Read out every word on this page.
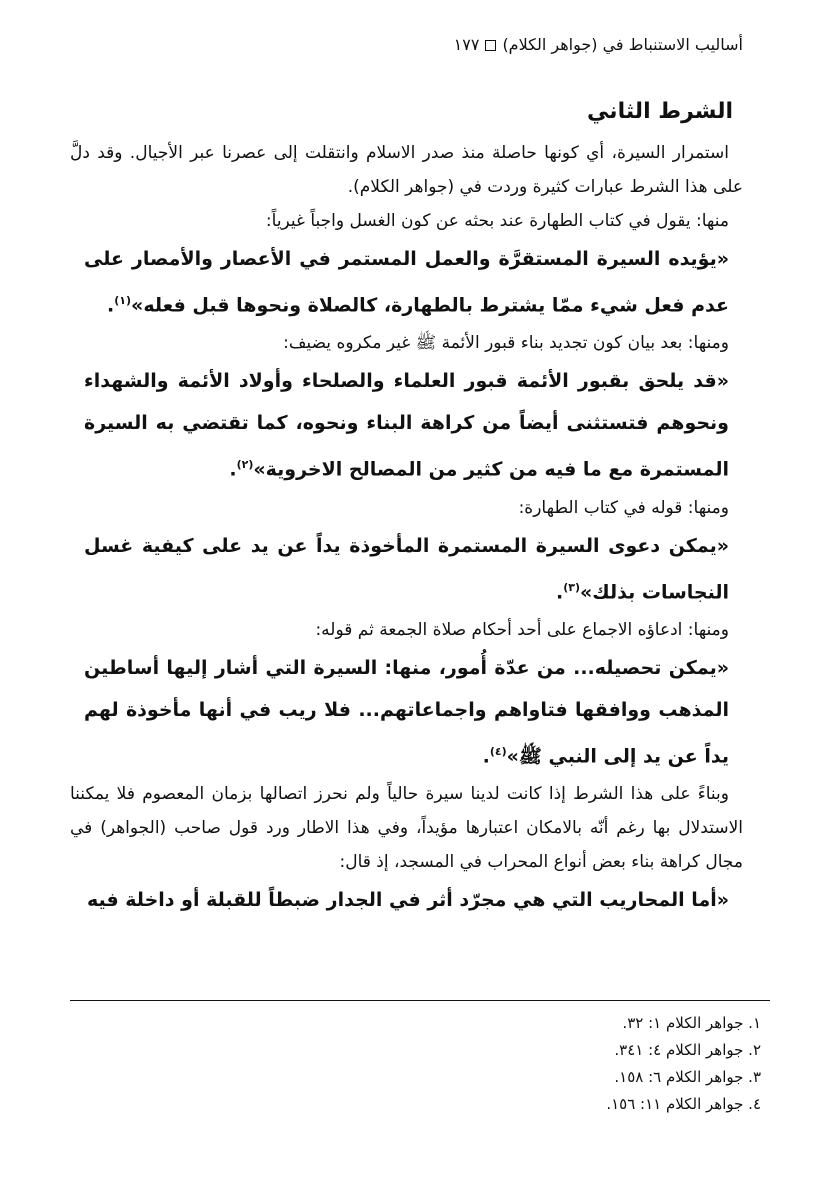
أساليب الاستنباط في (جواهر الكلام)١٧٧
الشرط الثاني

استمرار السيرة، أي كونها حاصلة منذ صدر الاسلام وانتقلت إلى عصرنا عبر الأجيال. وقد دلَّ على هذا الشرط عبارات كثيرة وردت في (جواهر الكلام).

منها: يقول في كتاب الطهارة عند بحثه عن كون الغسل واجباً غيرياً:

«يؤيده السيرة المستقرَّة والعمل المستمر في الأعصار والأمصار على عدم فعل شيء ممّا يشترط بالطهارة، كالصلاة ونحوها قبل فعله»$^{(١)}$.

ومنها: بعد بيان كون تجديد بناء قبور الأئمة ﷺ غير مكروه يضيف:

«قد يلحق بقبور الأئمة قبور العلماء والصلحاء وأولاد الأئمة والشهداء ونحوهم فتستثنى أيضاً من كراهة البناء ونحوه، كما تقتضي به السيرة المستمرة مع ما فيه من كثير من المصالح الاخروية»$^{(٢)}$.

ومنها: قوله في كتاب الطهارة:

«يمكن دعوى السيرة المستمرة المأخوذة يداً عن يد على كيفية غسل النجاسات بذلك»$^{(٣)}$.

ومنها: ادعاؤه الاجماع على أحد أحكام صلاة الجمعة ثم قوله:

«يمكن تحصيله... من عدّة أُمور، منها: السيرة التي أشار إليها أساطين المذهب ووافقها فتاواهم واجماعاتهم... فلا ريب في أنها مأخوذة لهم يداً عن يد إلى النبي ﷺ»$^{(٤)}$.

وبناءً على هذا الشرط إذا كانت لدينا سيرة حالياً ولم نحرز اتصالها بزمان المعصوم فلا يمكننا الاستدلال بها رغم أنّه بالامكان اعتبارها مؤيداً، وفي هذا الاطار ورد قول صاحب (الجواهر) في مجال كراهة بناء بعض أنواع المحراب في المسجد، إذ قال:

«أما المحاريب التي هي مجرّد أثر في الجدار ضبطاً للقبلة أو داخلة فيه

١. جواهر الكلام ١: ٣٢.

٢. جواهر الكلام ٤: ٣٤١.

٣. جواهر الكلام ٦: ١٥٨.

٤. جواهر الكلام ١١: ١٥٦.
